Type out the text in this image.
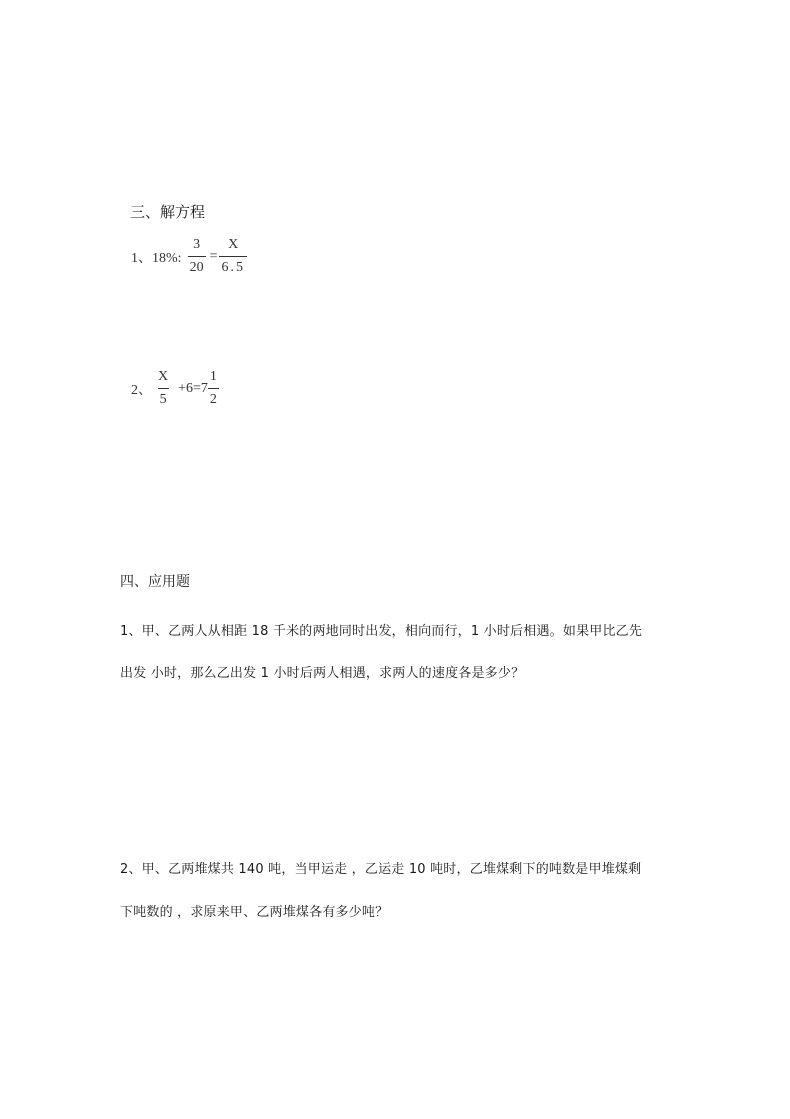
三、解方程
1、18%: $\frac{3}{20} = \frac{X}{6.5}$
2、 $\frac{X}{5} +6=7 \frac{1}{2}$
四、应用题
1、甲、乙两人从相距 18 千米的两地同时出发，相向而行，1 小时后相遇。如果甲比乙先
出发 小时，那么乙出发 1 小时后两人相遇，求两人的速度各是多少？
2、甲、乙两堆煤共 140 吨，当甲运走 ，乙运走 10 吨时，乙堆煤剩下的吨数是甲堆煤剩
下吨数的 ，求原来甲、乙两堆煤各有多少吨？
